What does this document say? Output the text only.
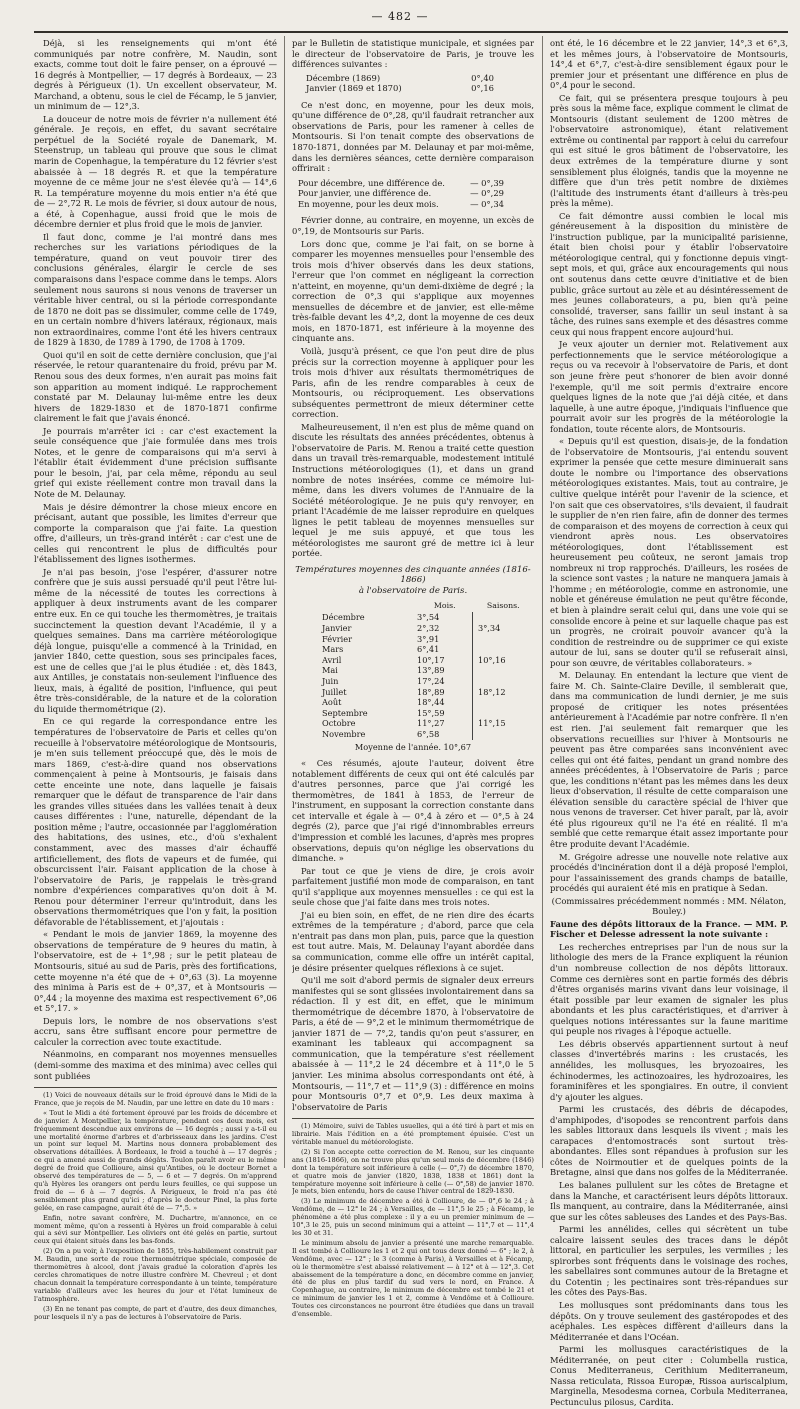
— 482 —

Déjà, si les renseignements qui m'ont été communiqués par notre confrère, M. Naudin, sont exacts, comme tout doit le faire penser, on a éprouvé — 16 degrés à Montpellier, — 17 degrés à Bordeaux, — 23 degrés à Périgueux (1). Un excellent observateur, M. Marchand, a obtenu, sous le ciel de Fécamp, le 5 janvier, un minimum de — 12°,3.

La douceur de notre mois de février n'a nullement été générale. Je reçois, en effet, du savant secrétaire perpétuel de la Société royale de Danemark, M. Steenstrup, un tableau qui prouve que sous le climat marin de Copenhague, la température du 12 février s'est abaissée à — 18 degrés R. et que la température moyenne de ce même jour ne s'est élevée qu'à — 14°,6 R. La température moyenne du mois entier n'a été que de — 2°,72 R. Le mois de février, si doux autour de nous, a été, à Copenhague, aussi froid que le mois de décembre dernier et plus froid que le mois de janvier.

Il faut donc, comme je l'ai montré dans mes recherches sur les variations périodiques de la température, quand on veut pouvoir tirer des conclusions générales, élargir le cercle de ses comparaisons dans l'espace comme dans le temps. Alors seulement nous saurons si nous venons de traverser un véritable hiver central, ou si la période correspondante de 1870 ne doit pas se dissimuler, comme celle de 1749, en un certain nombre d'hivers latéraux, régionaux, mais non extraordinaires, comme l'ont été les hivers centraux de 1829 à 1830, de 1789 à 1790, de 1708 à 1709.

Quoi qu'il en soit de cette dernière conclusion, que j'ai réservée, le retour quarantenaire du froid, prévu par M. Renou sous des deux formes, n'en aurait pas moins fait son apparition au moment indiqué. Le rapprochement constaté par M. Delaunay lui-même entre les deux hivers de 1829-1830 et de 1870-1871 confirme clairement le fait que j'avais énoncé.

Je pourrais m'arrêter ici : car c'est exactement la seule conséquence que j'aie formulée dans mes trois Notes, et le genre de comparaisons qui m'a servi à l'établir était évidemment d'une précision suffisante pour le besoin, j'ai, par cela même, répondu au seul grief qui existe réellement contre mon travail dans la Note de M. Delaunay.

Mais je désire démontrer la chose mieux encore en précisant, autant que possible, les limites d'erreur que comporte la comparaison que j'ai faite. La question offre, d'ailleurs, un très-grand intérêt : car c'est une de celles qui rencontrent le plus de difficultés pour l'établissement des lignes isothermes.

Je n'ai pas besoin, j'ose l'espérer, d'assurer notre confrère que je suis aussi persuadé qu'il peut l'être lui-même de la nécessité de toutes les corrections à appliquer à deux instruments avant de les comparer entre eux. En ce qui touche les thermomètres, je traitais succinctement la question devant l'Académie, il y a quelques semaines. Dans ma carrière météorologique déjà longue, puisqu'elle a commencé à la Trinidad, en janvier 1840, cette question, sous ses principales faces, est une de celles que j'ai le plus étudiée : et, dès 1843, aux Antilles, je constatais non-seulement l'influence des lieux, mais, à égalité de position, l'influence, qui peut être très-considérable, de la nature et de la coloration du liquide thermométrique (2).

En ce qui regarde la correspondance entre les températures de l'observatoire de Paris et celles qu'on recueille à l'observatoire météorologique de Montsouris, je m'en suis tellement préoccupé que, dès le mois de mars 1869, c'est-à-dire quand nos observations commençaient à peine à Montsouris, je faisais dans cette enceinte une note, dans laquelle je faisais remarquer que le défaut de transparence de l'air dans les grandes villes situées dans les vallées tenait à deux causes différentes : l'une, naturelle, dépendant de la position même ; l'autre, occasionnée par l'agglomération des habitations, des usines, etc., d'où s'exhalent constamment, avec des masses d'air échauffé artificiellement, des flots de vapeurs et de fumée, qui obscurcissent l'air. Faisant application de la chose à l'observatoire de Paris, je rappelais le très-grand nombre d'expériences comparatives qu'on doit à M. Renou pour déterminer l'erreur qu'introduit, dans les observations thermométriques que l'on y fait, la position défavorable de l'établissement, et j'ajoutais :

« Pendant le mois de janvier 1869, la moyenne des observations de température de 9 heures du matin, à l'observatoire, est de + 1°,98 ; sur le petit plateau de Montsouris, situé au sud de Paris, près des fortifications, cette moyenne n'a été que de + 0°,63 (3). La moyenne des minima à Paris est de + 0°,37, et à Montsouris — 0°,44 ; la moyenne des maxima est respectivement 6°,06 et 5°,17. »

Depuis lors, le nombre de nos observations s'est accru, sans être suffisant encore pour permettre de calculer la correction avec toute exactitude.

Néanmoins, en comparant nos moyennes mensuelles (demi-somme des maxima et des minima) avec celles qui sont publiées

(1) Voici de nouveaux détails sur le froid éprouvé dans le Midi de la France, que je reçois de M. Naudin, par une lettre en date du 10 mars :

« Tout le Midi a été fortement éprouvé par les froids de décembre et de janvier. À Montpellier, la température, pendant ces deux mois, est fréquemment descendue aux environs de — 16 degrés ; aussi y a-t-il eu une mortalité énorme d'arbres et d'arbrisseaux dans les jardins. C'est un point sur lequel M. Martins nous donnera probablement des observations détaillées. À Bordeaux, le froid a touché à — 17 degrés ; ce qui a amené aussi de grands dégâts. Toulon paraît avoir eu le même degré de froid que Collioure, ainsi qu'Antibes, où le docteur Bornet a observé des températures de — 5, — 6 et — 7 degrés. On m'apprend qu'à Hyères les orangers ont perdu leurs feuilles, ce qui suppose un froid de — 6 à — 7 degrés. À Périgueux, le froid n'a pas été sensiblement plus grand qu'ici ; d'après le docteur Pinel, la plus forte gelée, en rase campagne, aurait été de — 7°,5. »

Enfin, notre savant confrère, M. Duchartre, m'annonce, en ce moment même, qu'on a ressenti à Hyères un froid comparable à celui qui a sévi sur Montpellier. Les oliviers ont été gelés en partie, surtout ceux qui étaient situés dans les bas-fonds.

(2) On a pu voir, à l'exposition de 1855, très-habilement construit par M. Baudin, une sorte de roue thermométrique spéciale, composée de thermomètres à alcool, dont j'avais gradué la coloration d'après les cercles chromatiques de notre illustre confrère M. Chevreul ; et dont chacun donnait la température correspondante à un teinte, température variable d'ailleurs avec les heures du jour et l'état lumineux de l'atmosphère.

(3) En ne tenant pas compte, de part et d'autre, des deux dimanches, pour lesquels il n'y a pas de lectures à l'observatoire de Paris.

par le Bulletin de statistique municipale, et signées par le directeur de l'observatoire de Paris, je trouve les différences suivantes :

Décembre (1869)	0°,40
Janvier (1869 et 1870)	0°,16

Ce n'est donc, en moyenne, pour les deux mois, qu'une différence de 0°,28, qu'il faudrait retrancher aux observations de Paris, pour les ramener à celles de Montsouris. Si l'on tenait compte des observations de 1870-1871, données par M. Delaunay et par moi-même, dans les dernières séances, cette dernière comparaison offrirait :

Pour décembre, une différence de.	— 0°,39
Pour janvier, une différence de.	— 0°,29
En moyenne, pour les deux mois.	— 0°,34

Février donne, au contraire, en moyenne, un excès de 0°,19, de Montsouris sur Paris.

Lors donc que, comme je l'ai fait, on se borne à comparer les moyennes mensuelles pour l'ensemble des trois mois d'hiver observés dans les deux stations, l'erreur que l'on commet en négligeant la correction n'atteint, en moyenne, qu'un demi-dixième de degré ; la correction de 0°,3 qui s'applique aux moyennes mensuelles de décembre et de janvier, est elle-même très-faible devant les 4°,2, dont la moyenne de ces deux mois, en 1870-1871, est inférieure à la moyenne des cinquante ans.

Voilà, jusqu'à présent, ce que l'on peut dire de plus précis sur la correction moyenne à appliquer pour les trois mois d'hiver aux résultats thermométriques de Paris, afin de les rendre comparables à ceux de Montsouris, ou réciproquement. Les observations subséquentes permettront de mieux déterminer cette correction.

Malheureusement, il n'en est plus de même quand on discute les résultats des années précédentes, obtenus à l'observatoire de Paris. M. Renou a traité cette question dans un travail très-remarquable, modestement intitulé Instructions météorologiques (1), et dans un grand nombre de notes insérées, comme ce mémoire lui-même, dans les divers volumes de l'Annuaire de la Société météorologique. Je ne puis qu'y renvoyer, en priant l'Académie de me laisser reproduire en quelques lignes le petit tableau de moyennes mensuelles sur lequel je me suis appuyé, et que tous les météorologistes me sauront gré de mettre ici à leur portée.

Températures moyennes des cinquante années (1816-1866)
à l'observatoire de Paris.
	Mois.	Saisons.
Décembre	3°,54	
Janvier	2°,32	3°,34
Février	3°,91	
Mars	6°,41	
Avril	10°,17	10°,16
Mai	13°,89	
Juin	17°,24	
Juillet	18°,89	18°,12
Août	18°,44	
Septembre	15°,59	
Octobre	11°,27	11°,15
Novembre	6°,58	
Moyenne de l'année. 10°,67		

« Ces résumés, ajoute l'auteur, doivent être notablement différents de ceux qui ont été calculés par d'autres personnes, parce que j'ai corrigé les thermomètres, de 1841 à 1853, de l'erreur de l'instrument, en supposant la correction constante dans cet intervalle et égale à — 0°,4 à zéro et — 0°,5 à 24 degrés (2), parce que j'ai rigé d'innombrables erreurs d'impression et comblé les lacunes, d'après mes propres observations, depuis qu'on néglige les observations du dimanche. »

Par tout ce que je viens de dire, je crois avoir parfaitement justifié mon mode de comparaison, en tant qu'il s'applique aux moyennes mensuelles : ce qui est la seule chose que j'ai faite dans mes trois notes.

J'ai eu bien soin, en effet, de ne rien dire des écarts extrêmes de la température ; d'abord, parce que cela n'entrait pas dans mon plan, puis, parce que la question est tout autre. Mais, M. Delaunay l'ayant abordée dans sa communication, comme elle offre un intérêt capital, je désire présenter quelques réflexions à ce sujet.

Qu'il me soit d'abord permis de signaler deux erreurs manifestes qui se sont glissées involontairement dans sa rédaction. Il y est dit, en effet, que le minimum thermométrique de décembre 1870, à l'observatoire de Paris, a été de — 9°,2 et le minimum thermométrique de janvier 1871 de — 7°,2, tandis qu'on peut s'assurer, en examinant les tableaux qui accompagnent sa communication, que la température s'est réellement abaissée à — 11°,2 le 24 décembre et à 11°,0 le 5 janvier. Les minima absolus correspondants ont été, à Montsouris, — 11°,7 et — 11°,9 (3) : différence en moins pour Montsouris 0°,7 et 0°,9. Les deux maxima à l'observatoire de Paris

(1) Mémoire, suivi de Tables usuelles, qui a été tiré à part et mis en librairie. Mais l'édition en a été promptement épuisée. C'est un véritable manuel du météorologiste.

(2) Si l'on accepte cette correction de M. Renou, sur les cinquante ans (1816-1866), on ne trouve plus qu'un seul mois de décembre (1846) dont la température soit inférieure à celle (— 0°,7) de décembre 1870, et quatre mois de janvier (1820, 1838, 1838 et 1861) dont la température moyenne soit inférieure à celle (— 0°,58) de janvier 1870. Je mets, bien entendu, hors de cause l'hiver central de 1829-1830.

(3) Le minimum de décembre a été à Collioure, de — 0°,6 le 24 ; à Vendôme, de — 12° le 24 ; à Versailles, de — 11°,5 le 25 ; à Fécamp, le phénomène a été plus complexe : il y a eu un premier minimum de — 10°,3 le 25, puis un second minimum qui a atteint — 11°,7 et — 11°,4 les 30 et 31.

Le minimum absolu de janvier a présenté une marche remarquable. Il est tombé à Collioure les 1 et 2 qui ont tous deux donné — 6° ; le 2, à Vendôme, avec — 12° ; le 3 (comme à Paris), à Versailles et à Fécamp, où le thermomètre s'est abaissé relativement — à 12° et à — 12°,3. Cet abaissement de la température a donc, en décembre comme en janvier, été de plus en plus tardif du sud vers le nord, en France. À Copenhague, au contraire, le minimum de décembre est tombé le 21 et ce minimum de janvier les 1 et 2, comme à Vendôme et à Collioure. Toutes ces circonstances ne pourront être étudiées que dans un travail d'ensemble.

ont été, le 16 décembre et le 22 janvier, 14°,3 et 6°,3, et les mêmes jours, à l'observatoire de Montsouris, 14°,4 et 6°,7, c'est-à-dire sensiblement égaux pour le premier jour et présentant une différence en plus de 0°,4 pour le second.

Ce fait, qui se présentera presque toujours à peu près sous la même face, explique comment le climat de Montsouris (distant seulement de 1200 mètres de l'observatoire astronomique), étant relativement extrême ou continental par rapport à celui du carrefour qui est situé le gros bâtiment de l'observatoire, les deux extrêmes de la température diurne y sont sensiblement plus éloignés, tandis que la moyenne ne diffère que d'un très petit nombre de dixièmes (l'altitude des instruments étant d'ailleurs à très-peu près la même).

Ce fait démontre aussi combien le local mis généreusement à la disposition du ministère de l'instruction publique, par la municipalité parisienne, était bien choisi pour y établir l'observatoire météorologique central, qui y fonctionne depuis vingt-sept mois, et qui, grâce aux encouragements qui nous ont soutenus dans cette œuvre d'initiative et de bien public, grâce surtout au zèle et au désintéressement de mes jeunes collaborateurs, a pu, bien qu'à peine consolidé, traverser, sans faillir un seul instant à sa tâche, des ruines sans exemple et des désastres comme ceux qui nous frappent encore aujourd'hui.

Je veux ajouter un dernier mot. Relativement aux perfectionnements que le service météorologique a reçus ou va recevoir à l'observatoire de Paris, et dont son jeune frère peut s'honorer de bien avoir donné l'exemple, qu'il me soit permis d'extraire encore quelques lignes de la note que j'ai déjà citée, et dans laquelle, à une autre époque, j'indiquais l'influence que pourrait avoir sur les progrès de la météorologie la fondation, toute récente alors, de Montsouris.

« Depuis qu'il est question, disais-je, de la fondation de l'observatoire de Montsouris, j'ai entendu souvent exprimer la pensée que cette mesure diminuerait sans doute le nombre ou l'importance des observations météorologiques existantes. Mais, tout au contraire, je cultive quelque intérêt pour l'avenir de la science, et l'on sait que ces observatoires, s'ils devaient, il faudrait le supplier de n'en rien faire, afin de donner des termes de comparaison et des moyens de correction à ceux qui viendront après nous. Les observatoires météorologiques, dont l'établissement est heureusement peu coûteux, ne seront jamais trop nombreux ni trop rapprochés. D'ailleurs, les rosées de la science sont vastes ; la nature ne manquera jamais à l'homme ; en météorologie, comme en astronomie, une noble et généreuse émulation ne peut qu'être féconde, et bien à plaindre serait celui qui, dans une voie qui se consolide encore à peine et sur laquelle chaque pas est un progrès, ne croirait pouvoir avancer qu'à la condition de restreindre ou de supprimer ce qui existe autour de lui, sans se douter qu'il se refuserait ainsi, pour son œuvre, de véritables collaborateurs. »

M. Delaunay. En entendant la lecture que vient de faire M. Ch. Sainte-Claire Deville, il semblerait que, dans ma communication de lundi dernier, je me suis proposé de critiquer les notes présentées antérieurement à l'Académie par notre confrère. Il n'en est rien. J'ai seulement fait remarquer que les observations recueillies sur l'hiver à Montsouris ne peuvent pas être comparées sans inconvénient avec celles qui ont été faites, pendant un grand nombre des années précédentes, à l'Observatoire de Paris ; parce que, les conditions n'étant pas les mêmes dans les deux lieux d'observation, il résulte de cette comparaison une élévation sensible du caractère spécial de l'hiver que nous venons de traverser. Cet hiver paraît, par là, avoir été plus rigoureux qu'il ne l'a été en réalité. Il m'a semblé que cette remarque était assez importante pour être produite devant l'Académie.

M. Grégoire adresse une nouvelle note relative aux procédés d'incinération dont il a déjà proposé l'emploi, pour l'assainissement des grands champs de bataille, procédés qui auraient été mis en pratique à Sedan.

(Commissaires précédemment nommés : MM. Nélaton, Bouley.)

Faune des dépôts littoraux de la France. — MM. P. Fischer et Delesse adressent la note suivante :

Les recherches entreprises par l'un de nous sur la lithologie des mers de la France expliquent la réunion d'un nombreuse collection de nos dépôts littoraux. Comme ces dernières sont en partie formés des débris d'êtres organisés marins vivant dans leur voisinage, il était possible par leur examen de signaler les plus abondants et les plus caractéristiques, et d'arriver à quelques notions intéressantes sur la faune maritime qui peuple nos rivages à l'époque actuelle.

Les débris observés appartiennent surtout à neuf classes d'invertébrés marins : les crustacés, les annélides, les mollusques, les bryozoaires, les échinodermes, les actinozoaires, les hydrozoaires, les foraminifères et les spongiaires. En outre, il convient d'y ajouter les algues.

Parmi les crustacés, des débris de décapodes, d'amphipodes, d'isopodes se rencontrent parfois dans les sables littoraux dans lesquels ils vivent ; mais les carapaces d'entomostracés sont surtout très-abondantes. Elles sont répandues à profusion sur les côtes de Noirmoutier et de quelques points de la Bretagne, ainsi que dans nos golfes de la Méditerranée.

Les balanes pullulent sur les côtes de Bretagne et dans la Manche, et caractérisent leurs dépôts littoraux. Ils manquent, au contraire, dans la Méditerranée, ainsi que sur les côtes sableuses des Landes et des Pays-Bas.

Parmi les annélides, celles qui sécrètent un tube calcaire laissent seules des traces dans le dépôt littoral, en particulier les serpules, les vermilies ; les spirorbes sont fréquents dans le voisinage des roches, les sabellaires sont communes autour de la Bretagne et du Cotentin ; les pectinaires sont très-répandues sur les côtes des Pays-Bas.

Les mollusques sont prédominants dans tous les dépôts. On y trouve seulement des gastéropodes et des acéphales. Les espèces diffèrent d'ailleurs dans la Méditerranée et dans l'Océan.

Parmi les mollusques caractéristiques de la Méditerranée, on peut citer : Columbella rustica, Conus Mediterraneus, Cerithium Mediterraneum, Nassa reticulata, Rissoa Europæ, Rissoa auriscalpium, Marginella, Mesodesma cornea, Corbula Mediterranea, Pectunculus pilosus, Cardita.
